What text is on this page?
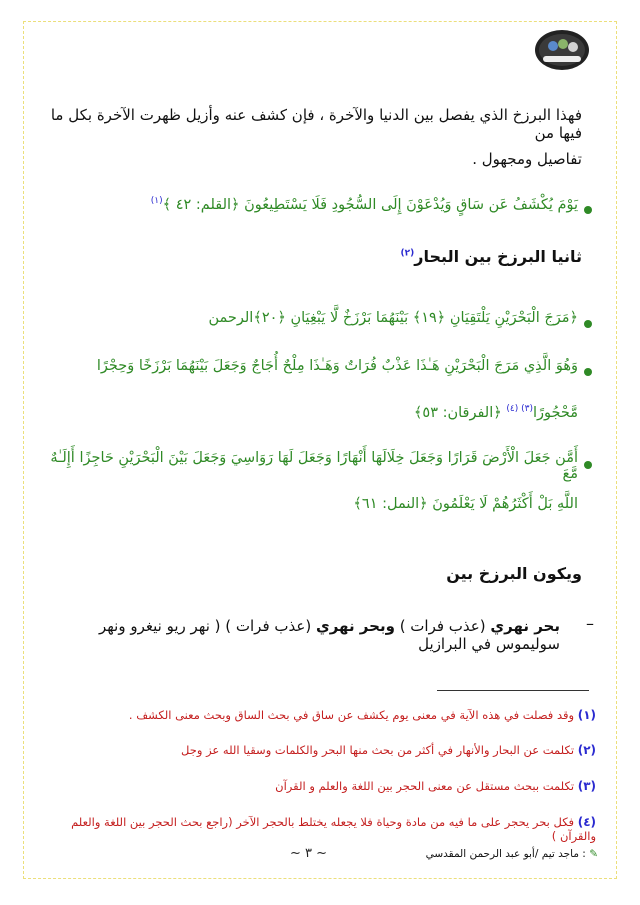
فهذا البرزخ الذي يفصل بين الدنيا والآخرة ، فإن كشف عنه وأزيل ظهرت الآخرة بكل ما فيها من

تفاصيل ومجهول .

يَوْمَ يُكْشَفُ عَن سَاقٍ وَيُدْعَوْنَ إِلَى السُّجُودِ فَلَا يَسْتَطِيعُونَ ﴿القلم: ٤٢ ﴾$^{(١)}$

ثانيا البرزخ بين البحار$^{(٢)}$

﴿مَرَجَ الْبَحْرَيْنِ يَلْتَقِيَانِ ﴿١٩﴾ بَيْنَهُمَا بَرْزَخٌ لَّا يَبْغِيَانِ ﴿٢٠﴾الرحمن

وَهُوَ الَّذِي مَرَجَ الْبَحْرَيْنِ هَـٰذَا عَذْبٌ فُرَاتٌ وَهَـٰذَا مِلْحٌ أُجَاجٌ وَجَعَلَ بَيْنَهُمَا بَرْزَخًا وَحِجْرًا

مَّحْجُورًا$^{(٣) (٤)}$ ﴿الفرقان: ٥٣﴾

أَمَّن جَعَلَ الْأَرْضَ قَرَارًا وَجَعَلَ خِلَالَهَا أَنْهَارًا وَجَعَلَ لَهَا رَوَاسِيَ وَجَعَلَ بَيْنَ الْبَحْرَيْنِ حَاجِزًا أَإِلَـٰهٌ مَّعَ

اللَّهِ بَلْ أَكْثَرُهُمْ لَا يَعْلَمُونَ ﴿النمل: ٦١﴾

ويكون البرزخ بين

–

بحر نهري (عذب فرات ) وبحر نهري (عذب فرات ) ( نهر ريو نيغرو ونهر سوليموس في البرازيل

(١) وقد فصلت في هذه الآية في معنى يوم يكشف عن ساق في بحث الساق وبحث معنى الكشف .

(٢) تكلمت عن البحار والأنهار في أكثر من بحث منها البحر والكلمات وسقيا الله عز وجل

(٣) تكلمت ببحث مستقل عن معنى الحجر بين اللغة والعلم و القرآن

(٤) فكل بحر يحجر على ما فيه من مادة وحياة فلا يجعله يختلط بالحجر الآخر (راجع بحث الحجر بين اللغة والعلم والقرآن )

~ ٣ ~	✎ : ماجد تيم /أبو عبد الرحمن المقدسي
